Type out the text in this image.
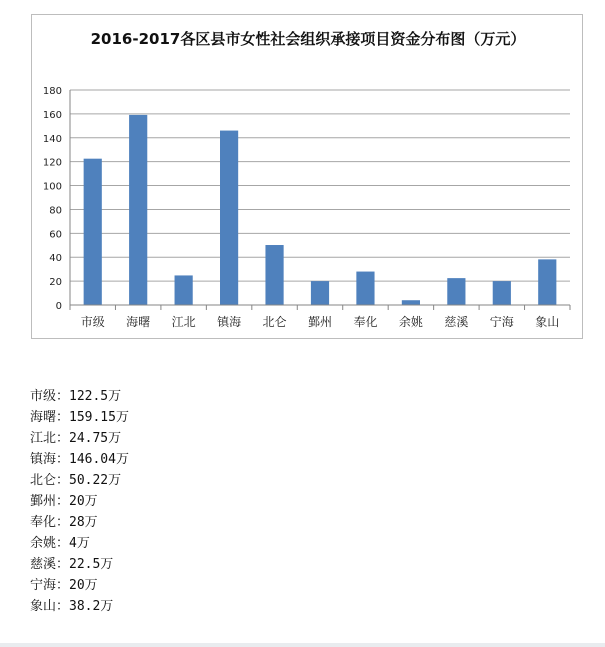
2016-2017各区县市女性社会组织承接项目资金分布图（万元）
0
20
40
60
80
100
120
140
160
180
市级 海曙 江北 镇海 北仑 鄞州 奉化 余姚 慈溪 宁海 象山
市级：122.5万
海曙：159.15万
江北：24.75万
镇海：146.04万
北仑：50.22万
鄞州：20万
奉化：28万
余姚：4万
慈溪：22.5万
宁海：20万
象山：38.2万
